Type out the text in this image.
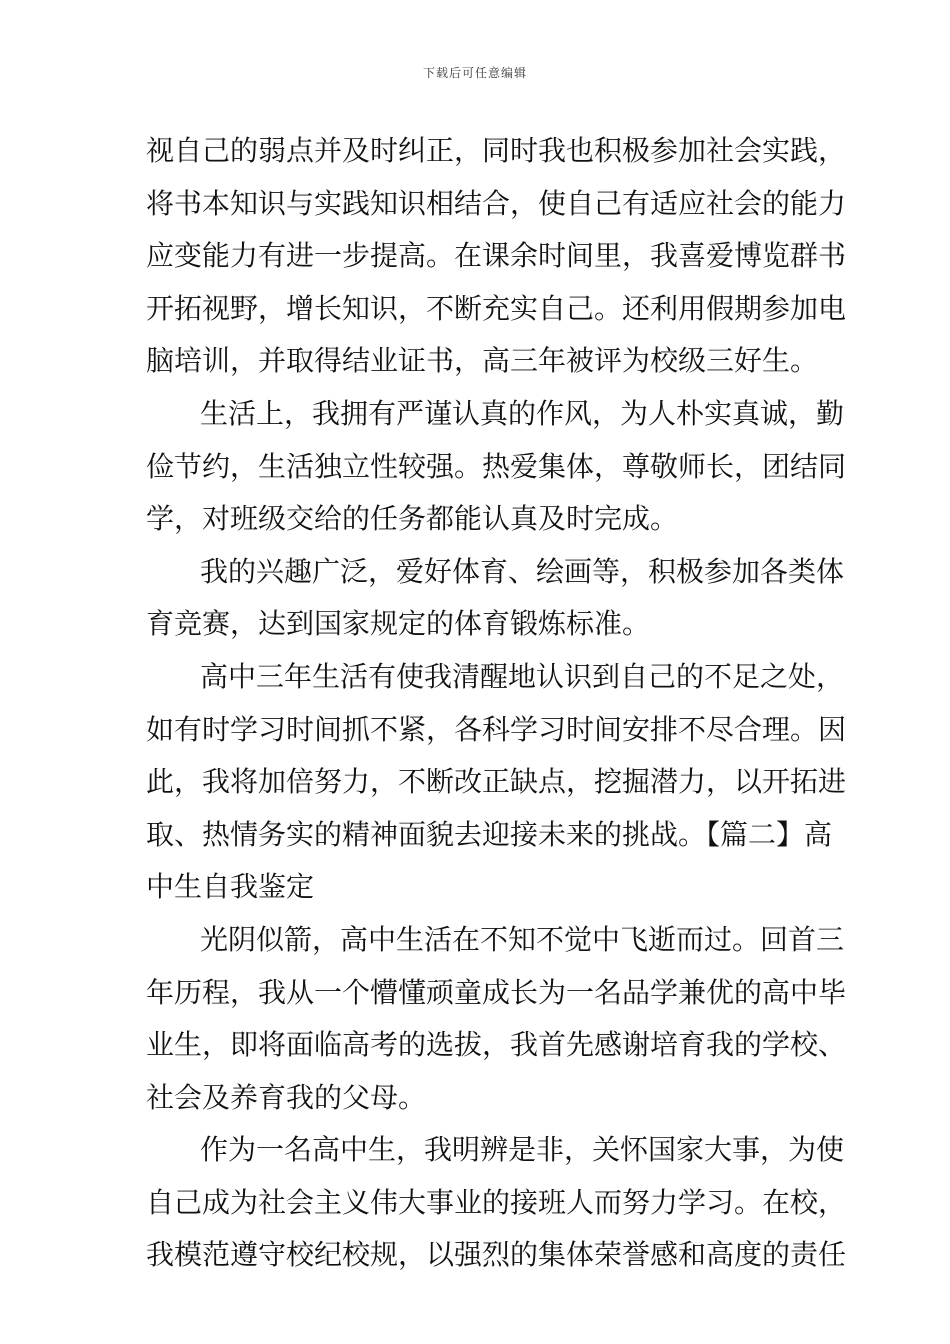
下载后可任意编辑
视自己的弱点并及时纠正，同时我也积极参加社会实践，
将书本知识与实践知识相结合，使自己有适应社会的能力
应变能力有进一步提高。在课余时间里，我喜爱博览群书
开拓视野，增长知识，不断充实自己。还利用假期参加电
脑培训，并取得结业证书，高三年被评为校级三好生。
生活上，我拥有严谨认真的作风，为人朴实真诚，勤
俭节约，生活独立性较强。热爱集体，尊敬师长，团结同
学，对班级交给的任务都能认真及时完成。
我的兴趣广泛，爱好体育、绘画等，积极参加各类体
育竞赛，达到国家规定的体育锻炼标准。
高中三年生活有使我清醒地认识到自己的不足之处，
如有时学习时间抓不紧，各科学习时间安排不尽合理。因
此，我将加倍努力，不断改正缺点，挖掘潜力，以开拓进
取、热情务实的精神面貌去迎接未来的挑战。【篇二】高
中生自我鉴定
光阴似箭，高中生活在不知不觉中飞逝而过。回首三
年历程，我从一个懵懂顽童成长为一名品学兼优的高中毕
业生，即将面临高考的选拔，我首先感谢培育我的学校、
社会及养育我的父母。
作为一名高中生，我明辨是非，关怀国家大事，为使
自己成为社会主义伟大事业的接班人而努力学习。在校，
我模范遵守校纪校规，以强烈的集体荣誉感和高度的责任
